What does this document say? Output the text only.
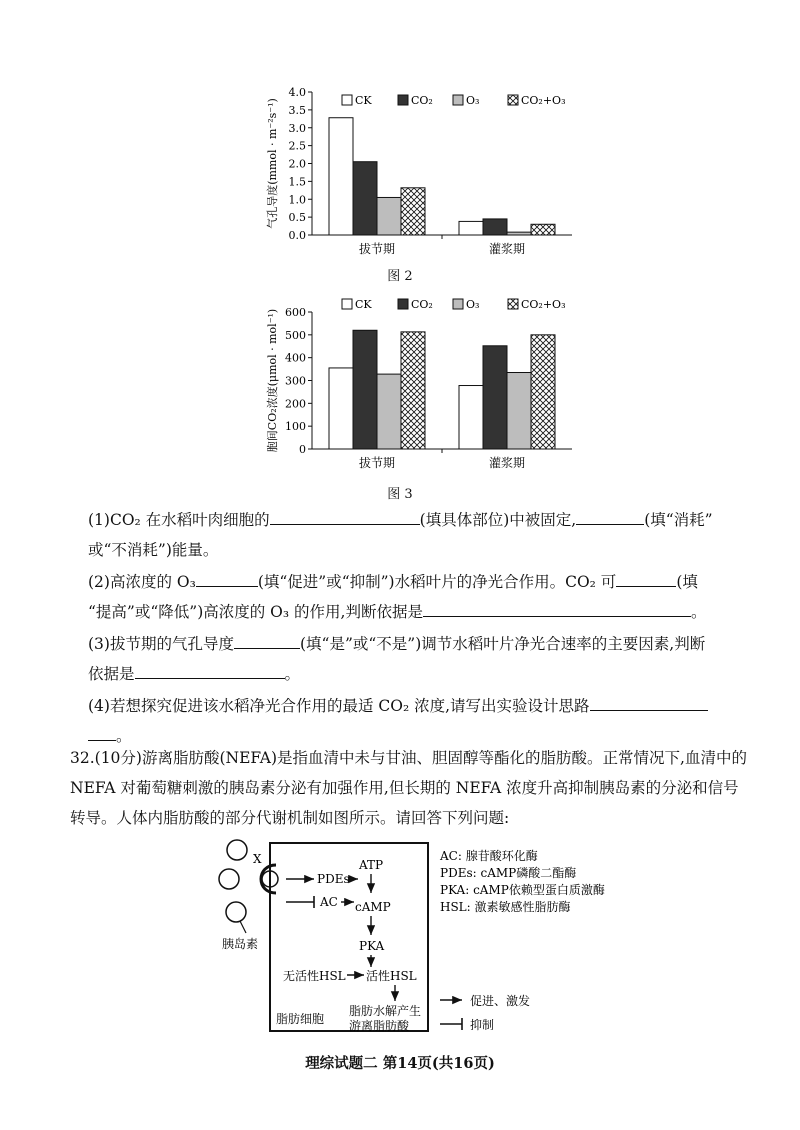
0.0
0.5
1.0
1.5
2.0
2.5
3.0
3.5
4.0
气孔导度(mmol · m⁻²s⁻¹)
拔节期	灌浆期
CK	CO₂	O₃	CO₂+O₃
图 2
0
100
200
300
400
500
600
胞间CO₂浓度(μmol · mol⁻¹)
拔节期	灌浆期
CK	CO₂	O₃	CO₂+O₃
图 3
(1)CO₂ 在水稻叶肉细胞的	(填具体部位)中被固定,	(填“消耗”
或“不消耗”)能量。
(2)高浓度的 O₃	(填“促进”或“抑制”)水稻叶片的净光合作用。CO₂ 可	(填
“提高”或“降低”)高浓度的 O₃ 的作用,判断依据是	。
(3)拔节期的气孔导度	(填“是”或“不是”)调节水稻叶片净光合速率的主要因素,判断
依据是	。
(4)若想探究促进该水稻净光合作用的最适 CO₂ 浓度,请写出实验设计思路
。
32.(10分)游离脂肪酸(NEFA)是指血清中未与甘油、胆固醇等酯化的脂肪酸。正常情况下,血清中的 NEFA 对葡萄糖刺激的胰岛素分泌有加强作用,但长期的 NEFA 浓度升高抑制胰岛素的分泌和信号转导。人体内脂肪酸的部分代谢机制如图所示。请回答下列问题:
X
胰岛素
脂肪细胞
PDEs
AC
ATP
cAMP
PKA
无活性HSL 活性HSL
脂肪水解产生
游离脂肪酸
AC: 腺苷酸环化酶
PDEs: cAMP磷酸二酯酶
PKA: cAMP依赖型蛋白质激酶
HSL: 激素敏感性脂肪酶
促进、激发
抑制
理综试题二 第14页(共16页)
